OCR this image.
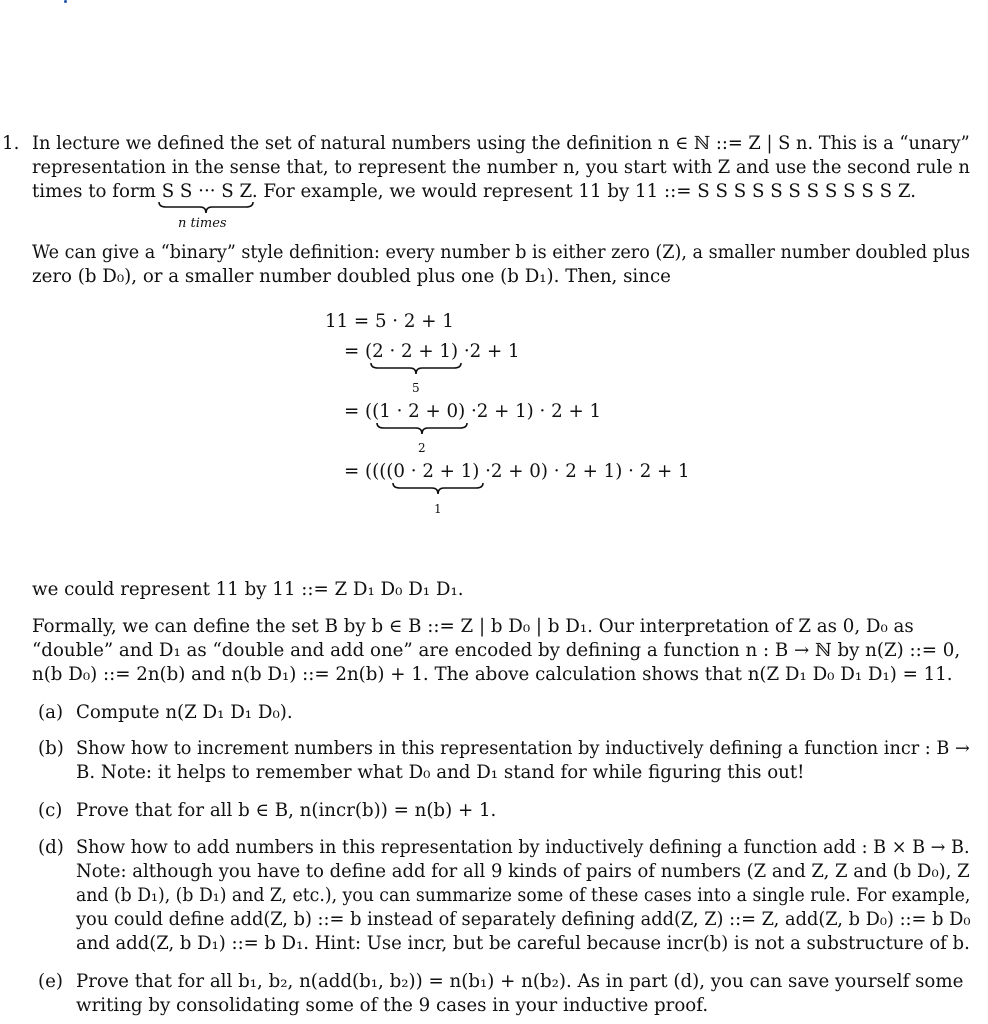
1. In lecture we defined the set of natural numbers using the definition n ∈ ℕ ::= Z | S n. This is a “unary”
representation in the sense that, to represent the number n, you start with Z and use the second rule n
times to form S S ··· S Z. For example, we would represent 11 by 11 ::= S S S S S S S S S S S Z.
n times
We can give a “binary” style definition: every number b is either zero (Z), a smaller number doubled plus
zero (b D₀), or a smaller number doubled plus one (b D₁). Then, since
11 = 5 · 2 + 1
= (2 · 2 + 1) ·2 + 1
5
= ((1 · 2 + 0) ·2 + 1) · 2 + 1
2
= ((((0 · 2 + 1) ·2 + 0) · 2 + 1) · 2 + 1
1
we could represent 11 by 11 ::= Z D₁ D₀ D₁ D₁.
Formally, we can define the set B by b ∈ B ::= Z | b D₀ | b D₁. Our interpretation of Z as 0, D₀ as
“double” and D₁ as “double and add one” are encoded by defining a function n : B → ℕ by n(Z) ::= 0,
n(b D₀) ::= 2n(b) and n(b D₁) ::= 2n(b) + 1. The above calculation shows that n(Z D₁ D₀ D₁ D₁) = 11.
(a) Compute n(Z D₁ D₁ D₀).
(b) Show how to increment numbers in this representation by inductively defining a function incr : B →
B. Note: it helps to remember what D₀ and D₁ stand for while figuring this out!
(c) Prove that for all b ∈ B, n(incr(b)) = n(b) + 1.
(d) Show how to add numbers in this representation by inductively defining a function add : B × B → B.
Note: although you have to define add for all 9 kinds of pairs of numbers (Z and Z, Z and (b D₀), Z
and (b D₁), (b D₁) and Z, etc.), you can summarize some of these cases into a single rule. For example,
you could define add(Z, b) ::= b instead of separately defining add(Z, Z) ::= Z, add(Z, b D₀) ::= b D₀
and add(Z, b D₁) ::= b D₁. Hint: Use incr, but be careful because incr(b) is not a substructure of b.
(e) Prove that for all b₁, b₂, n(add(b₁, b₂)) = n(b₁) + n(b₂). As in part (d), you can save yourself some
writing by consolidating some of the 9 cases in your inductive proof.
